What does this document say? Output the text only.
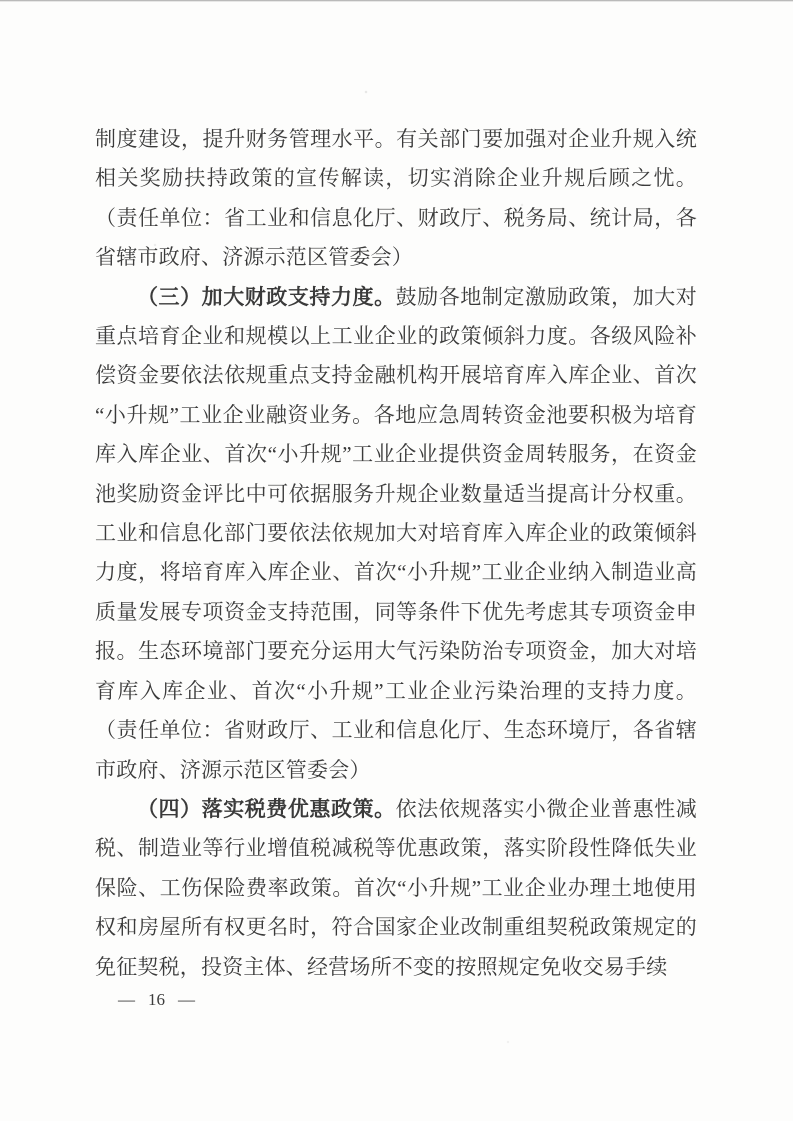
制度建设，提升财务管理水平。有关部门要加强对企业升规入统相关奖励扶持政策的宣传解读，切实消除企业升规后顾之忧。（责任单位：省工业和信息化厅、财政厅、税务局、统计局，各省辖市政府、济源示范区管委会）

（三）加大财政支持力度。鼓励各地制定激励政策，加大对重点培育企业和规模以上工业企业的政策倾斜力度。各级风险补偿资金要依法依规重点支持金融机构开展培育库入库企业、首次“小升规”工业企业融资业务。各地应急周转资金池要积极为培育库入库企业、首次“小升规”工业企业提供资金周转服务，在资金池奖励资金评比中可依据服务升规企业数量适当提高计分权重。工业和信息化部门要依法依规加大对培育库入库企业的政策倾斜力度，将培育库入库企业、首次“小升规”工业企业纳入制造业高质量发展专项资金支持范围，同等条件下优先考虑其专项资金申报。生态环境部门要充分运用大气污染防治专项资金，加大对培育库入库企业、首次“小升规”工业企业污染治理的支持力度。（责任单位：省财政厅、工业和信息化厅、生态环境厅，各省辖市政府、济源示范区管委会）

（四）落实税费优惠政策。依法依规落实小微企业普惠性减税、制造业等行业增值税减税等优惠政策，落实阶段性降低失业保险、工伤保险费率政策。首次“小升规”工业企业办理土地使用权和房屋所有权更名时，符合国家企业改制重组契税政策规定的免征契税，投资主体、经营场所不变的按照规定免收交易手续

— 16 —
